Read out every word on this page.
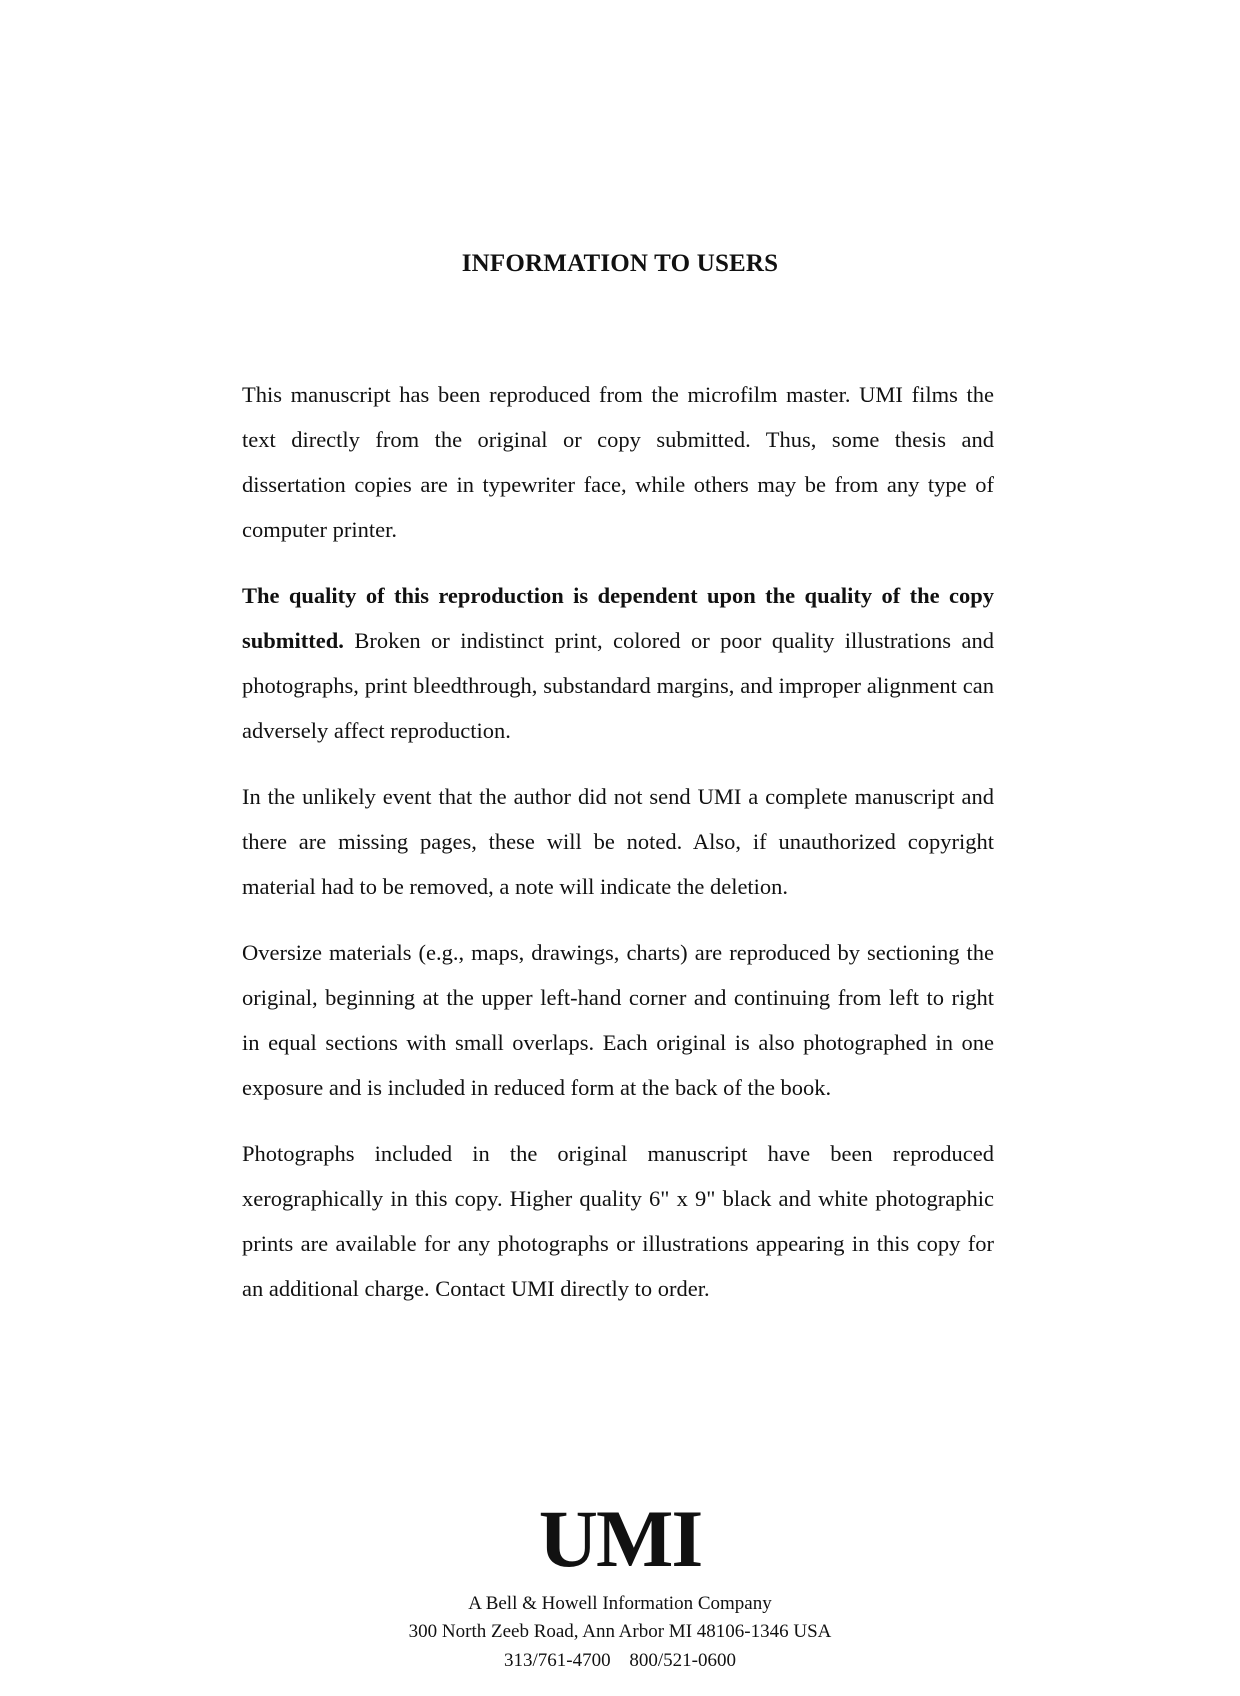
INFORMATION TO USERS

This manuscript has been reproduced from the microfilm master. UMI films the text directly from the original or copy submitted. Thus, some thesis and dissertation copies are in typewriter face, while others may be from any type of computer printer.

The quality of this reproduction is dependent upon the quality of the copy submitted. Broken or indistinct print, colored or poor quality illustrations and photographs, print bleedthrough, substandard margins, and improper alignment can adversely affect reproduction.

In the unlikely event that the author did not send UMI a complete manuscript and there are missing pages, these will be noted. Also, if unauthorized copyright material had to be removed, a note will indicate the deletion.

Oversize materials (e.g., maps, drawings, charts) are reproduced by sectioning the original, beginning at the upper left-hand corner and continuing from left to right in equal sections with small overlaps. Each original is also photographed in one exposure and is included in reduced form at the back of the book.

Photographs included in the original manuscript have been reproduced xerographically in this copy. Higher quality 6" x 9" black and white photographic prints are available for any photographs or illustrations appearing in this copy for an additional charge. Contact UMI directly to order.

UMI
A Bell & Howell Information Company
300 North Zeeb Road, Ann Arbor MI 48106-1346 USA
313/761-4700 800/521-0600
